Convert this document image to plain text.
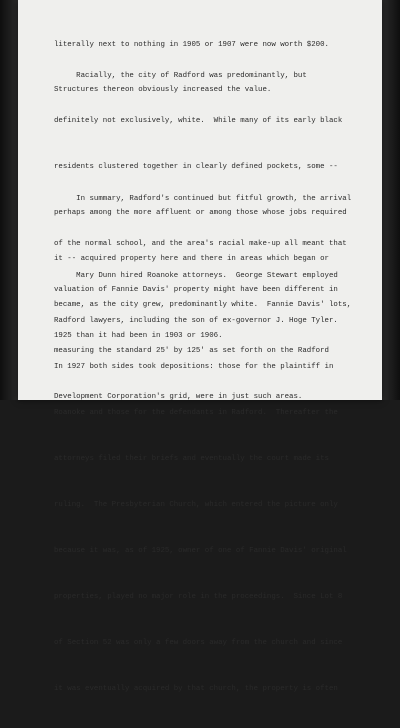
literally next to nothing in 1905 or 1907 were now worth $200.

Structures thereon obviously increased the value.

Racially, the city of Radford was predominantly, but

definitely not exclusively, white.  While many of its early black

residents clustered together in clearly defined pockets, some --

perhaps among the more affluent or among those whose jobs required

it -- acquired property here and there in areas which began or

became, as the city grew, predominantly white.  Fannie Davis' lots,

measuring the standard 25' by 125' as set forth on the Radford

Development Corporation's grid, were in just such areas.

In summary, Radford's continued but fitful growth, the arrival

of the normal school, and the area's racial make-up all meant that

valuation of Fannie Davis' property might have been different in

1925 than it had been in 1903 or 1906.

Mary Dunn hired Roanoke attorneys.  George Stewart employed

Radford lawyers, including the son of ex-governor J. Hoge Tyler.

In 1927 both sides took depositions: those for the plaintiff in

Roanoke and those for the defendants in Radford.  Thereafter the

attorneys filed their briefs and eventually the court made its

ruling.  The Presbyterian Church, which entered the picture only

because it was, as of 1925, owner of one of Fannie Davis' original

properties, played no major role in the proceedings.  Since Lot 8

of Section 52 was only a few doors away from the church and since

it was eventually acquired by that church, the property is often
